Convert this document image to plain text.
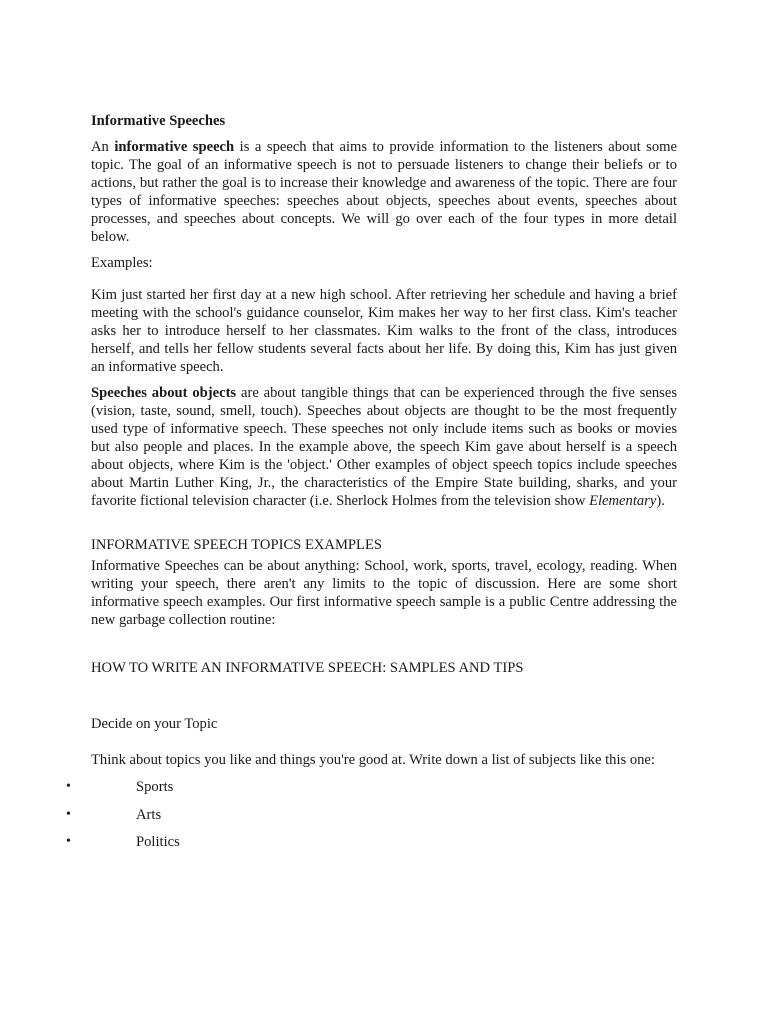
Informative Speeches

An informative speech is a speech that aims to provide information to the listeners about some topic. The goal of an informative speech is not to persuade listeners to change their beliefs or to actions, but rather the goal is to increase their knowledge and awareness of the topic. There are four types of informative speeches: speeches about objects, speeches about events, speeches about processes, and speeches about concepts. We will go over each of the four types in more detail below.

Examples:

Kim just started her first day at a new high school. After retrieving her schedule and having a brief meeting with the school's guidance counselor, Kim makes her way to her first class. Kim's teacher asks her to introduce herself to her classmates. Kim walks to the front of the class, introduces herself, and tells her fellow students several facts about her life. By doing this, Kim has just given an informative speech.

Speeches about objects are about tangible things that can be experienced through the five senses (vision, taste, sound, smell, touch). Speeches about objects are thought to be the most frequently used type of informative speech. These speeches not only include items such as books or movies but also people and places. In the example above, the speech Kim gave about herself is a speech about objects, where Kim is the 'object.' Other examples of object speech topics include speeches about Martin Luther King, Jr., the characteristics of the Empire State building, sharks, and your favorite fictional television character (i.e. Sherlock Holmes from the television show Elementary).

INFORMATIVE SPEECH TOPICS EXAMPLES

Informative Speeches can be about anything: School, work, sports, travel, ecology, reading. When writing your speech, there aren't any limits to the topic of discussion. Here are some short informative speech examples. Our first informative speech sample is a public Centre addressing the new garbage collection routine:

HOW TO WRITE AN INFORMATIVE SPEECH: SAMPLES AND TIPS

Decide on your Topic

Think about topics you like and things you're good at. Write down a list of subjects like this one:

•	Sports
•	Arts
•	Politics
